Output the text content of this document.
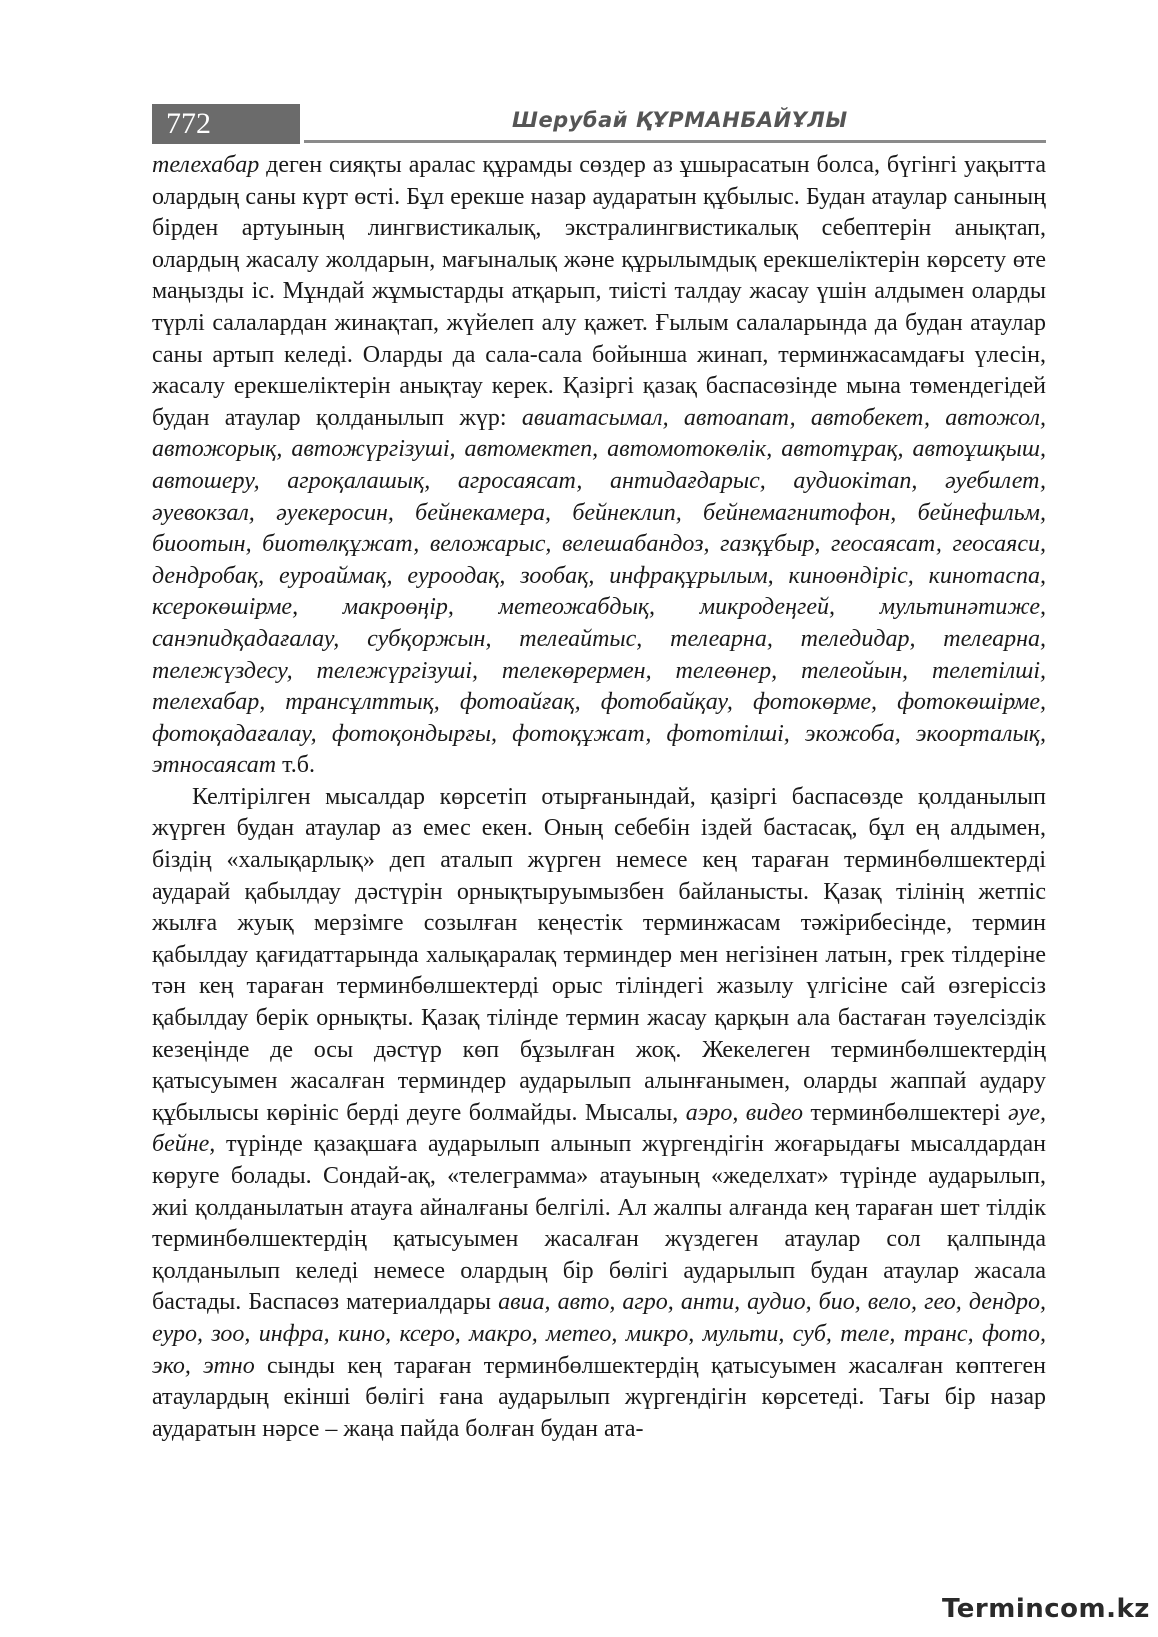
772	Шерубай ҚҰРМАНБАЙҰЛЫ

телехабар деген сияқты аралас құрамды сөздер аз ұшырасатын болса, бүгінгі уақытта олардың саны күрт өсті. Бұл ерекше назар аударатын құбылыс. Будан атаулар санының бірден артуының лингвистикалық, экстралингвистикалық себептерін анықтап, олардың жасалу жолдарын, мағыналық және құрылымдық ерекшеліктерін көрсету өте маңызды іс. Мұндай жұмыстарды атқарып, тиісті талдау жасау үшін алдымен оларды түрлі салалардан жинақтап, жүйелеп алу қажет. Ғылым салаларында да будан атаулар саны артып келеді. Оларды да сала-сала бойынша жинап, терминжасамдағы үлесін, жасалу ерекшеліктерін анықтау керек. Қазіргі қазақ баспасөзінде мына төмендегідей будан атаулар қолданылып жүр: авиатасымал, автоапат, автобекет, автожол, автожорық, автожүргізуші, автомектеп, автомотокөлік, автотұрақ, автоұшқыш, автошеру, агроқалашық, агросаясат, антидағдарыс, аудиокітап, әуебилет, әуевокзал, әуекеросин, бейнекамера, бейнеклип, бейнемагнитофон, бейнефильм, биоотын, биотөлқұжат, веложарыс, велешабандоз, газқұбыр, геосаясат, геосаяси, дендробақ, еуроаймақ, еуроодақ, зообақ, инфрақұрылым, киноөндіріс, кинотаспа, ксерокөшірме, макроөңір, метеожабдық, микродеңгей, мультинәтиже, санэпидқадағалау, субқоржын, телеайтыс, телеарна, теледидар, телеарна, тележүздесу, тележүргізуші, телекөрермен, телеөнер, телеойын, телетілші, телехабар, трансұлттық, фотоайғақ, фотобайқау, фотокөрме, фотокөшірме, фотоқадағалау, фотоқондырғы, фотоқұжат, фототілші, экожоба, экоорталық, этносаясат т.б.

Келтірілген мысалдар көрсетіп отырғанындай, қазіргі баспасөзде қолданылып жүрген будан атаулар аз емес екен. Оның себебін іздей бастасақ, бұл ең алдымен, біздің «халықарлық» деп аталып жүрген немесе кең тараған терминбөлшектерді аударай қабылдау дәстүрін орнықтыруымызбен байланысты. Қазақ тілінің жетпіс жылға жуық мерзімге созылған кеңестік терминжасам тәжірибесінде, термин қабылдау қағидаттарында халықаралақ терминдер мен негізінен латын, грек тілдеріне тән кең тараған терминбөлшектерді орыс тіліндегі жазылу үлгісіне сай өзгеріссіз қабылдау берік орнықты. Қазақ тілінде термин жасау қарқын ала бастаған тәуелсіздік кезеңінде де осы дәстүр көп бұзылған жоқ. Жекелеген терминбөлшектердің қатысуымен жасалған терминдер аударылып алынғанымен, оларды жаппай аудару құбылысы көрініс берді деуге болмайды. Мысалы, аэро, видео терминбөлшектері әуе, бейне, түрінде қазақшаға аударылып алынып жүргендігін жоғарыдағы мысалдардан көруге болады. Сондай-ақ, «телеграмма» атауының «жеделхат» түрінде аударылып, жиі қолданылатын атауға айналғаны белгілі. Ал жалпы алғанда кең тараған шет тілдік терминбөлшектердің қатысуымен жасалған жүздеген атаулар сол қалпында қолданылып келеді немесе олардың бір бөлігі аударылып будан атаулар жасала бастады. Баспасөз материалдары авиа, авто, агро, анти, аудио, био, вело, гео, дендро, еуро, зоо, инфра, кино, ксеро, макро, метео, микро, мульти, суб, теле, транс, фото, эко, этно сынды кең тараған терминбөлшектердің қатысуымен жасалған көптеген атаулардың екінші бөлігі ғана аударылып жүргендігін көрсетеді. Тағы бір назар аударатын нәрсе – жаңа пайда болған будан ата-

Termincom.kz
